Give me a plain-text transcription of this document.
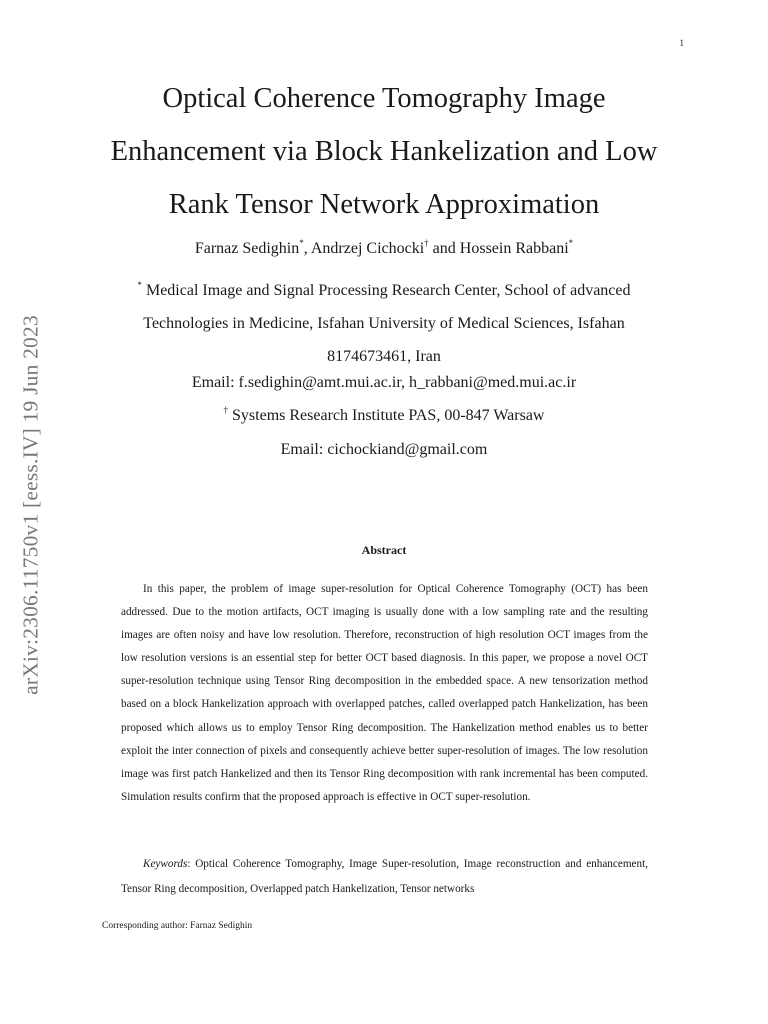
1
arXiv:2306.11750v1 [eess.IV] 19 Jun 2023
Optical Coherence Tomography Image
Enhancement via Block Hankelization and Low
Rank Tensor Network Approximation
Farnaz Sedighin*, Andrzej Cichocki† and Hossein Rabbani*
* Medical Image and Signal Processing Research Center, School of advanced
Technologies in Medicine, Isfahan University of Medical Sciences, Isfahan
8174673461, Iran
Email: f.sedighin@amt.mui.ac.ir, h_rabbani@med.mui.ac.ir
† Systems Research Institute PAS, 00-847 Warsaw
Email: cichockiand@gmail.com
Abstract

In this paper, the problem of image super-resolution for Optical Coherence Tomography (OCT) has been addressed. Due to the motion artifacts, OCT imaging is usually done with a low sampling rate and the resulting images are often noisy and have low resolution. Therefore, reconstruction of high resolution OCT images from the low resolution versions is an essential step for better OCT based diagnosis. In this paper, we propose a novel OCT super-resolution technique using Tensor Ring decomposition in the embedded space. A new tensorization method based on a block Hankelization approach with overlapped patches, called overlapped patch Hankelization, has been proposed which allows us to employ Tensor Ring decomposition. The Hankelization method enables us to better exploit the inter connection of pixels and consequently achieve better super-resolution of images. The low resolution image was first patch Hankelized and then its Tensor Ring decomposition with rank incremental has been computed. Simulation results confirm that the proposed approach is effective in OCT super-resolution.

Keywords: Optical Coherence Tomography, Image Super-resolution, Image reconstruction and enhancement, Tensor Ring decomposition, Overlapped patch Hankelization, Tensor networks

Corresponding author: Farnaz Sedighin
